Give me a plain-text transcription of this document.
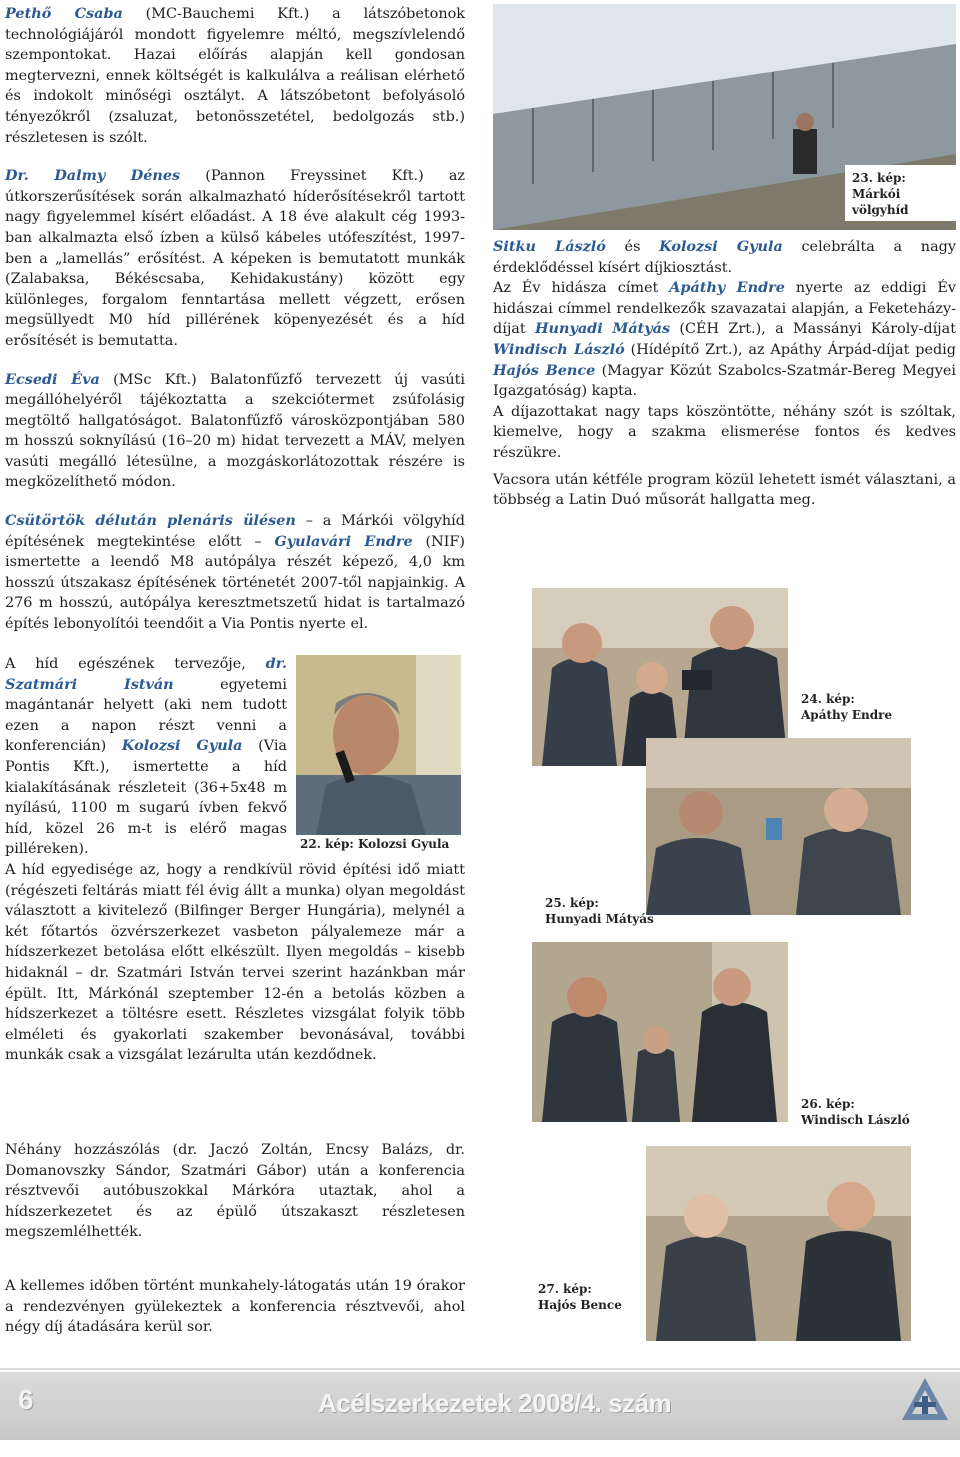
Pethő Csaba (MC-Bauchemi Kft.) a látszóbetonok technológiájáról mondott figyelemre méltó, megszívlelendő szempontokat. Hazai előírás alapján kell gondosan megtervezni, ennek költségét is kalkulálva a reálisan elérhető és indokolt minőségi osztályt. A látszóbetont befolyásoló tényezőkről (zsaluzat, betonösszetétel, bedolgozás stb.) részletesen is szólt.

Dr. Dalmy Dénes (Pannon Freyssinet Kft.) az útkorszerűsítések során alkalmazható híderősítésekről tartott nagy figyelemmel kísért előadást. A 18 éve alakult cég 1993-ban alkalmazta első ízben a külső kábeles utófeszítést, 1997-ben a „lamellás” erősítést. A képeken is bemutatott munkák (Zalabaksa, Békéscsaba, Kehidakustány) között egy különleges, forgalom fenntartása mellett végzett, erősen megsüllyedt M0 híd pillérének köpenyezését és a híd erősítését is bemutatta.

Ecsedi Éva (MSc Kft.) Balatonfűzfő tervezett új vasúti megállóhelyéről tájékoztatta a szekciótermet zsúfolásig megtöltő hallgatóságot. Balatonfűzfő városközpontjában 580 m hosszú soknyílású (16–20 m) hidat tervezett a MÁV, melyen vasúti megálló létesülne, a mozgáskorlátozottak részére is megközelíthető módon.

Csütörtök délután plenáris ülésen – a Márkói völgyhíd építésének megtekintése előtt – Gyulavári Endre (NIF) ismertette a leendő M8 autópálya részét képező, 4,0 km hosszú útszakasz építésének történetét 2007-től napjainkig. A 276 m hosszú, autópálya keresztmetszetű hidat is tartalmazó építés lebonyolítói teendőit a Via Pontis nyerte el.

A híd egészének tervezője, dr. Szatmári István egyetemi magántanár helyett (aki nem tudott ezen a napon részt venni a konferencián) Kolozsi Gyula (Via Pontis Kft.), ismertette a híd kialakításának részleteit (36+5x48 m nyílású, 1100 m sugarú ívben fekvő híd, közel 26 m-t is elérő magas pilléreken).

A híd egyedisége az, hogy a rendkívül rövid építési idő miatt (régészeti feltárás miatt fél évig állt a munka) olyan megoldást választott a kivitelező (Bilfinger Berger Hungária), melynél a két főtartós özvérszerkezet vasbeton pályalemeze már a hídszerkezet betolása előtt elkészült. Ilyen megoldás – kisebb hidaknál – dr. Szatmári István tervei szerint hazánkban már épült. Itt, Márkónál szeptember 12-én a betolás közben a hídszerkezet a töltésre esett. Részletes vizsgálat folyik több elméleti és gyakorlati szakember bevonásával, további munkák csak a vizsgálat lezárulta után kezdődnek.

Néhány hozzászólás (dr. Jaczó Zoltán, Encsy Balázs, dr. Domanovszky Sándor, Szatmári Gábor) után a konferencia résztvevői autóbuszokkal Márkóra utaztak, ahol a hídszerkezetet és az épülő útszakaszt részletesen megszemlélhették.

A kellemes időben történt munkahely-látogatás után 19 órakor a rendezvényen gyülekeztek a konferencia résztvevői, ahol négy díj átadására kerül sor.

22. kép: Kolozsi Gyula
23. kép:
Márkói
völgyhíd

Sitku László és Kolozsi Gyula celebrálta a nagy érdeklődéssel kísért díjkiosztást.

Az Év hidásza címet Apáthy Endre nyerte az eddigi Év hidászai címmel rendelkezők szavazatai alapján, a Feketeházy-díjat Hunyadi Mátyás (CÉH Zrt.), a Massányi Károly-díjat Windisch László (Hídépítő Zrt.), az Apáthy Árpád-díjat pedig Hajós Bence (Magyar Közút Szabolcs-Szatmár-Bereg Megyei Igazgatóság) kapta.

A díjazottakat nagy taps köszöntötte, néhány szót is szóltak, kiemelve, hogy a szakma elismerése fontos és kedves részükre.

Vacsora után kétféle program közül lehetett ismét választani, a többség a Latin Duó műsorát hallgatta meg.

24. kép:
Apáthy Endre
25. kép:
Hunyadi Mátyás
26. kép:
Windisch László
27. kép:
Hajós Bence
6	Acélszerkezetek 2008/4. szám
